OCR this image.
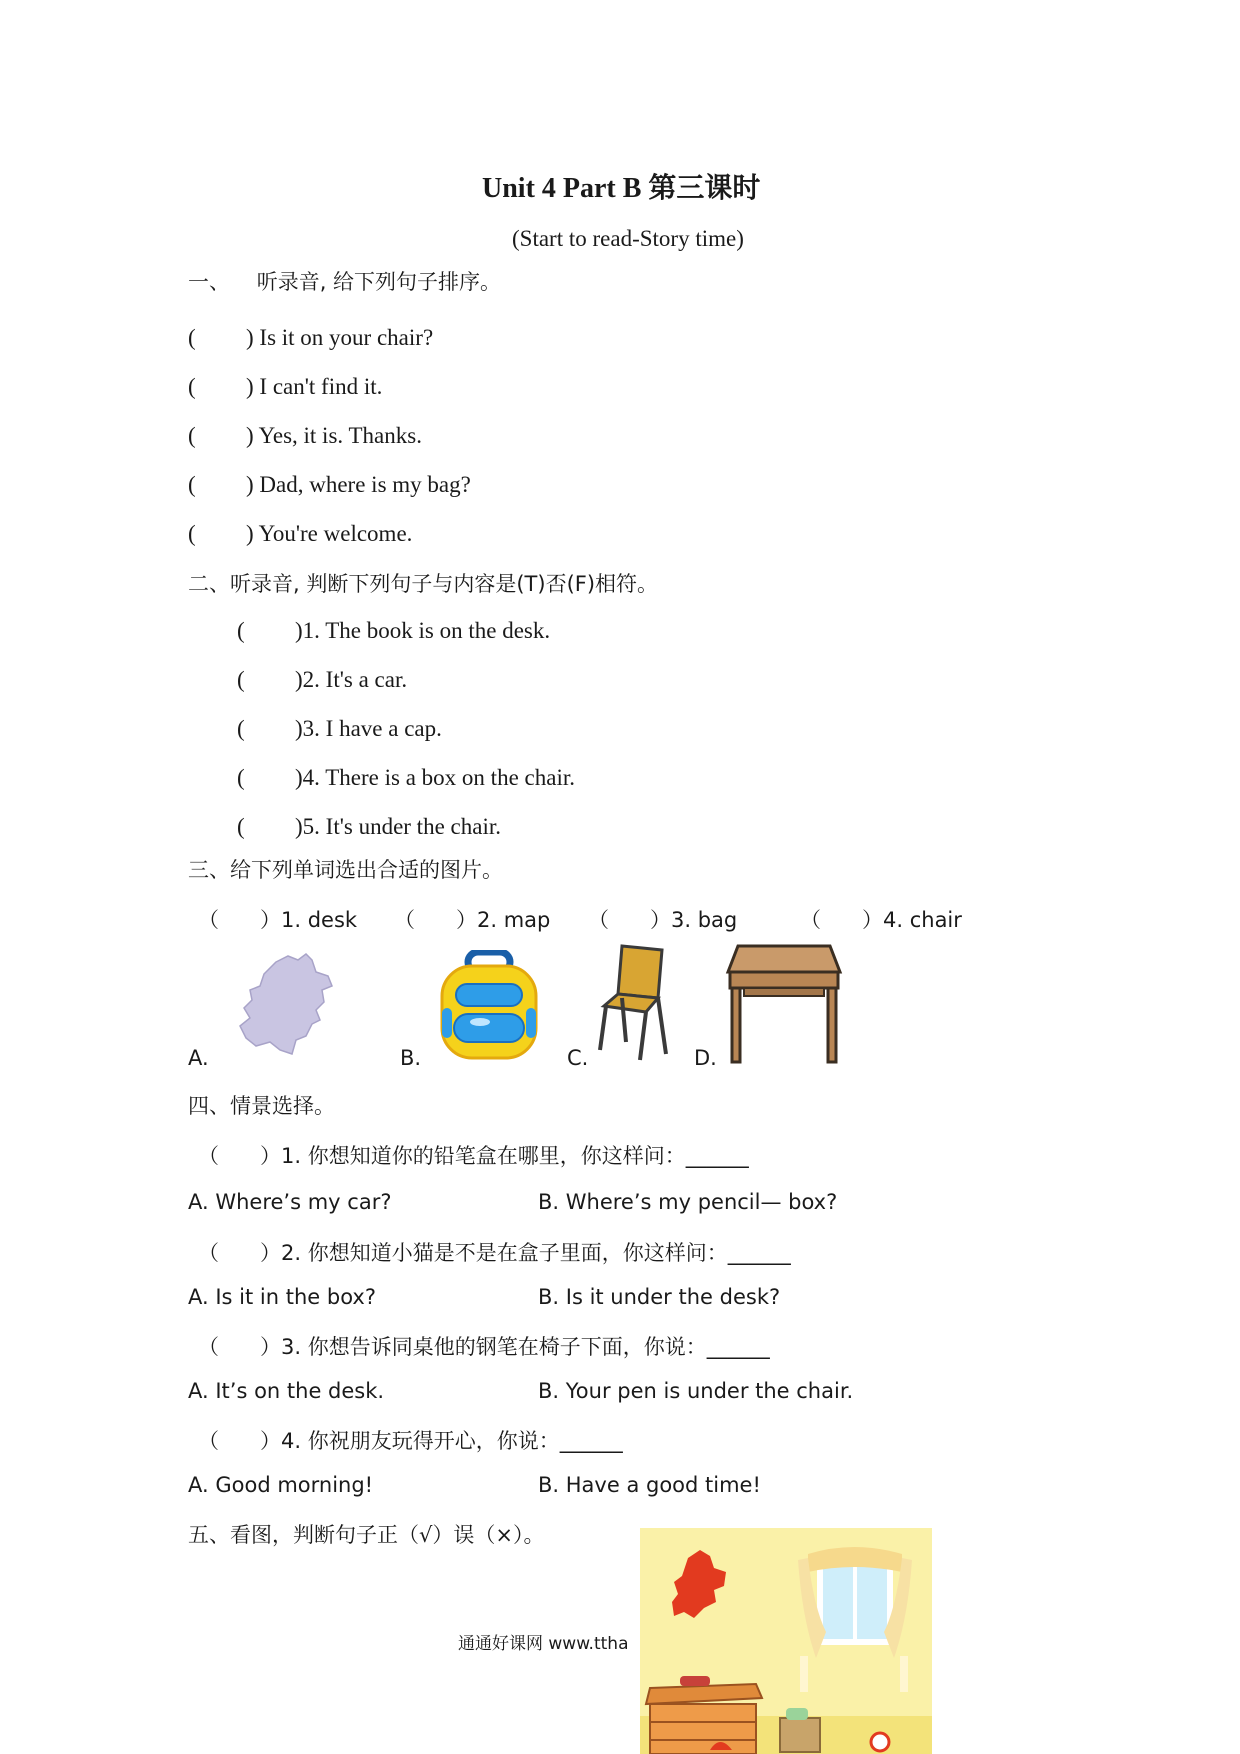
Unit 4 Part B 第三课时
(Start to read-Story time)
一、    听录音, 给下列句子排序。
( ) Is it on your chair?
( ) I can't find it.
( ) Yes, it is. Thanks.
( ) Dad, where is my bag?
( ) You're welcome.
二、听录音, 判断下列句子与内容是(T)否(F)相符。
( )1. The book is on the desk.
( )2. It's a car.
( )3. I have a cap.
( )4. There is a box on the chair.
( )5. It's under the chair.
三、给下列单词选出合适的图片。
（ ）1. desk （ ）2. map （ ）3. bag	（ ）4. chair
A.	B.	C.	D.
四、情景选择。
（ ）1. 你想知道你的铅笔盒在哪里，你这样问：______
A. Where’s my car?	B. Where’s my pencil— box?
（ ）2. 你想知道小猫是不是在盒子里面，你这样问：______
A. Is it in the box?	B. Is it under the desk?
（ ）3. 你想告诉同桌他的钢笔在椅子下面，你说：______
A. It’s on the desk.	B. Your pen is under the chair.
（ ）4. 你祝朋友玩得开心，你说：______
A. Good morning!	B. Have a good time!
五、看图，判断句子正（√）误（×）。
通通好课网 www.ttha
